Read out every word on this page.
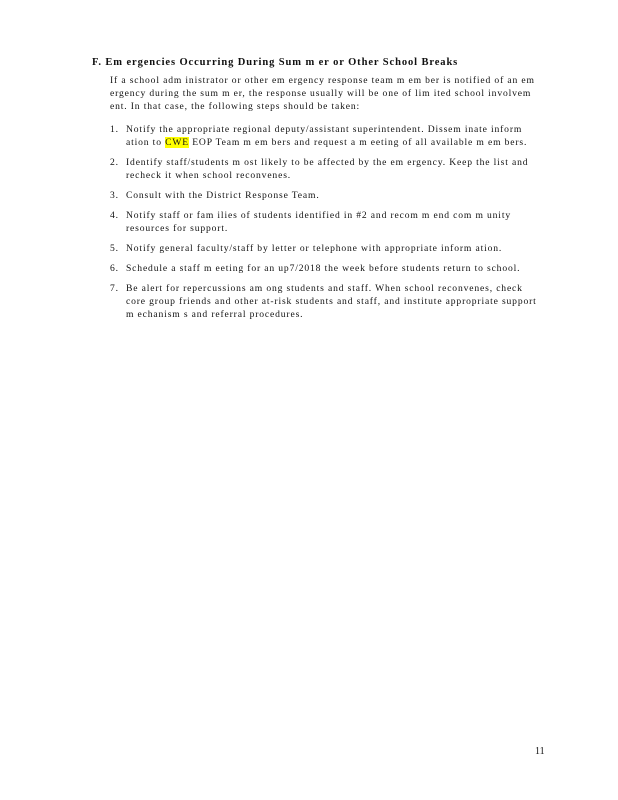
F. Em ergencies Occurring During Sum m er or Other School Breaks
If a school adm inistrator or other em ergency response team m em ber is notified of an em ergency during the sum m er, the response usually will be one of lim ited school involvem ent. In that case, the following steps should be taken:
1. Notify the appropriate regional deputy/assistant superintendent. Dissem inate inform ation to CWE EOP Team m em bers and request a m eeting of all available m em bers.
2. Identify staff/students m ost likely to be affected by the em ergency. Keep the list and recheck it when school reconvenes.
3. Consult with the District Response Team.
4. Notify staff or fam ilies of students identified in #2 and recom m end com m unity resources for support.
5. Notify general faculty/staff by letter or telephone with appropriate inform ation.
6. Schedule a staff m eeting for an up7/2018 the week before students return to school.
7. Be alert for repercussions am ong students and staff. When school reconvenes, check core group friends and other at-risk students and staff, and institute appropriate support m echanism s and referral procedures.
11
